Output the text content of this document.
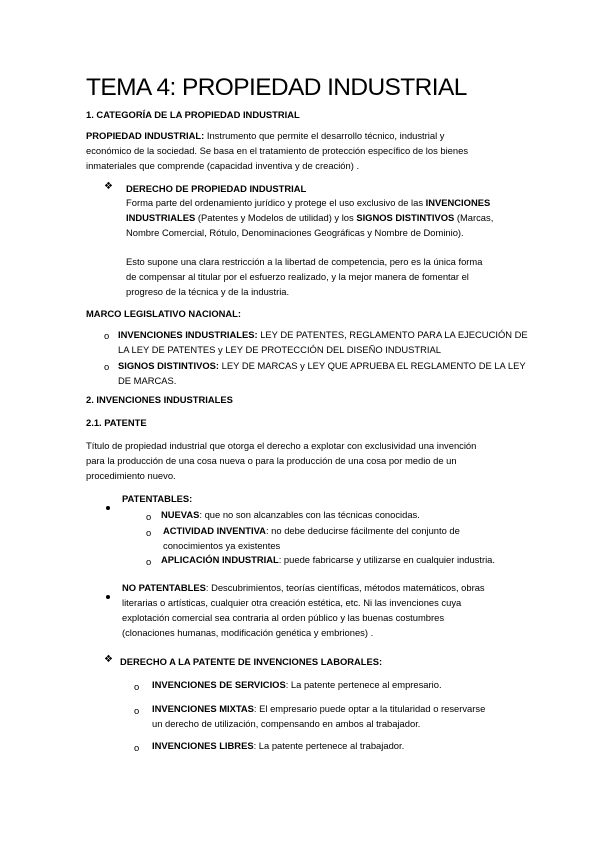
TEMA 4: PROPIEDAD INDUSTRIAL
1. CATEGORÍA DE LA PROPIEDAD INDUSTRIAL
PROPIEDAD INDUSTRIAL: Instrumento que permite el desarrollo técnico, industrial y
económico de la sociedad. Se basa en el tratamiento de protección específico de los bienes
inmateriales que comprende (capacidad inventiva y de creación) .
❖ DERECHO DE PROPIEDAD INDUSTRIAL
Forma parte del ordenamiento jurídico y protege el uso exclusivo de las INVENCIONES
INDUSTRIALES (Patentes y Modelos de utilidad) y los SIGNOS DISTINTIVOS (Marcas,
Nombre Comercial, Rótulo, Denominaciones Geográficas y Nombre de Dominio).
Esto supone una clara restricción a la libertad de competencia, pero es la única forma
de compensar al titular por el esfuerzo realizado, y la mejor manera de fomentar el
progreso de la técnica y de la industria.
MARCO LEGISLATIVO NACIONAL:
o INVENCIONES INDUSTRIALES: LEY DE PATENTES, REGLAMENTO PARA LA EJECUCIÓN DE
LA LEY DE PATENTES y LEY DE PROTECCIÓN DEL DISEÑO INDUSTRIAL
o SIGNOS DISTINTIVOS: LEY DE MARCAS y LEY QUE APRUEBA EL REGLAMENTO DE LA LEY
DE MARCAS.
2. INVENCIONES INDUSTRIALES
2.1. PATENTE
Título de propiedad industrial que otorga el derecho a explotar con exclusividad una invención
para la producción de una cosa nueva o para la producción de una cosa por medio de un
procedimiento nuevo.
PATENTABLES:
o NUEVAS: que no son alcanzables con las técnicas conocidas.
o ACTIVIDAD INVENTIVA: no debe deducirse fácilmente del conjunto de
conocimientos ya existentes
o APLICACIÓN INDUSTRIAL: puede fabricarse y utilizarse en cualquier industria.
NO PATENTABLES: Descubrimientos, teorías científicas, métodos matemáticos, obras
literarias o artísticas, cualquier otra creación estética, etc. Ni las invenciones cuya
explotación comercial sea contraria al orden público y las buenas costumbres
(clonaciones humanas, modificación genética y embriones) .
❖ DERECHO A LA PATENTE DE INVENCIONES LABORALES:
o INVENCIONES DE SERVICIOS: La patente pertenece al empresario.
o INVENCIONES MIXTAS: El empresario puede optar a la titularidad o reservarse
un derecho de utilización, compensando en ambos al trabajador.
o INVENCIONES LIBRES: La patente pertenece al trabajador.
